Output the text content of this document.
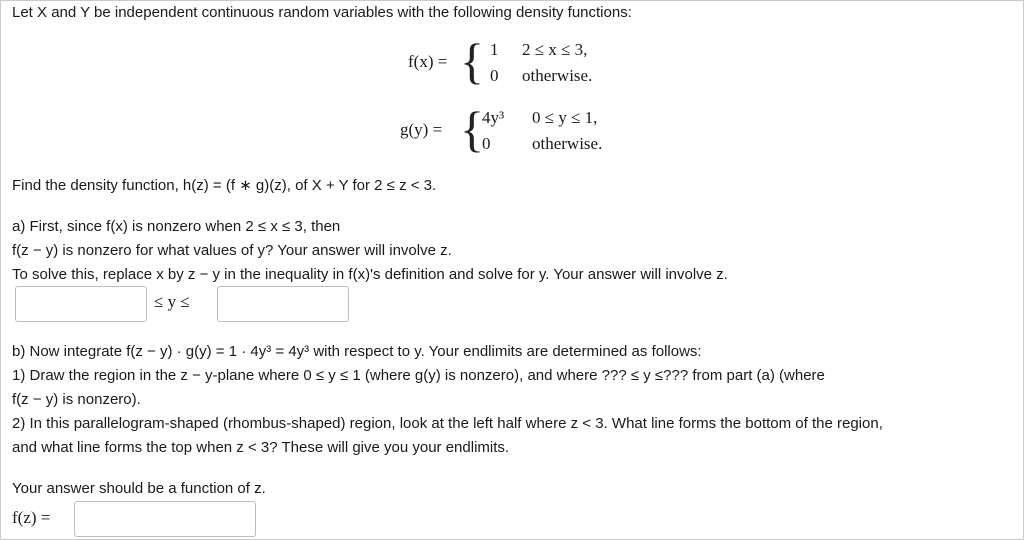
Let X and Y be independent continuous random variables with the following density functions:
f(x) = { 1 2 ≤ x ≤ 3,
0 otherwise.
g(y) = {
4y³ 0 ≤ y ≤ 1,
0 otherwise.
Find the density function, h(z) = (f ∗ g)(z), of X + Y for 2 ≤ z < 3.
a) First, since f(x) is nonzero when 2 ≤ x ≤ 3, then
f(z − y) is nonzero for what values of y? Your answer will involve z.
To solve this, replace x by z − y in the inequality in f(x)'s definition and solve for y. Your answer will involve z.
≤ y ≤
b) Now integrate f(z − y) · g(y) = 1 · 4y³ = 4y³ with respect to y. Your endlimits are determined as follows:
1) Draw the region in the z − y-plane where 0 ≤ y ≤ 1 (where g(y) is nonzero), and where ??? ≤ y ≤??? from part (a) (where
f(z − y) is nonzero).
2) In this parallelogram-shaped (rhombus-shaped) region, look at the left half where z < 3. What line forms the bottom of the region,
and what line forms the top when z < 3? These will give you your endlimits.
Your answer should be a function of z.
f(z) =
